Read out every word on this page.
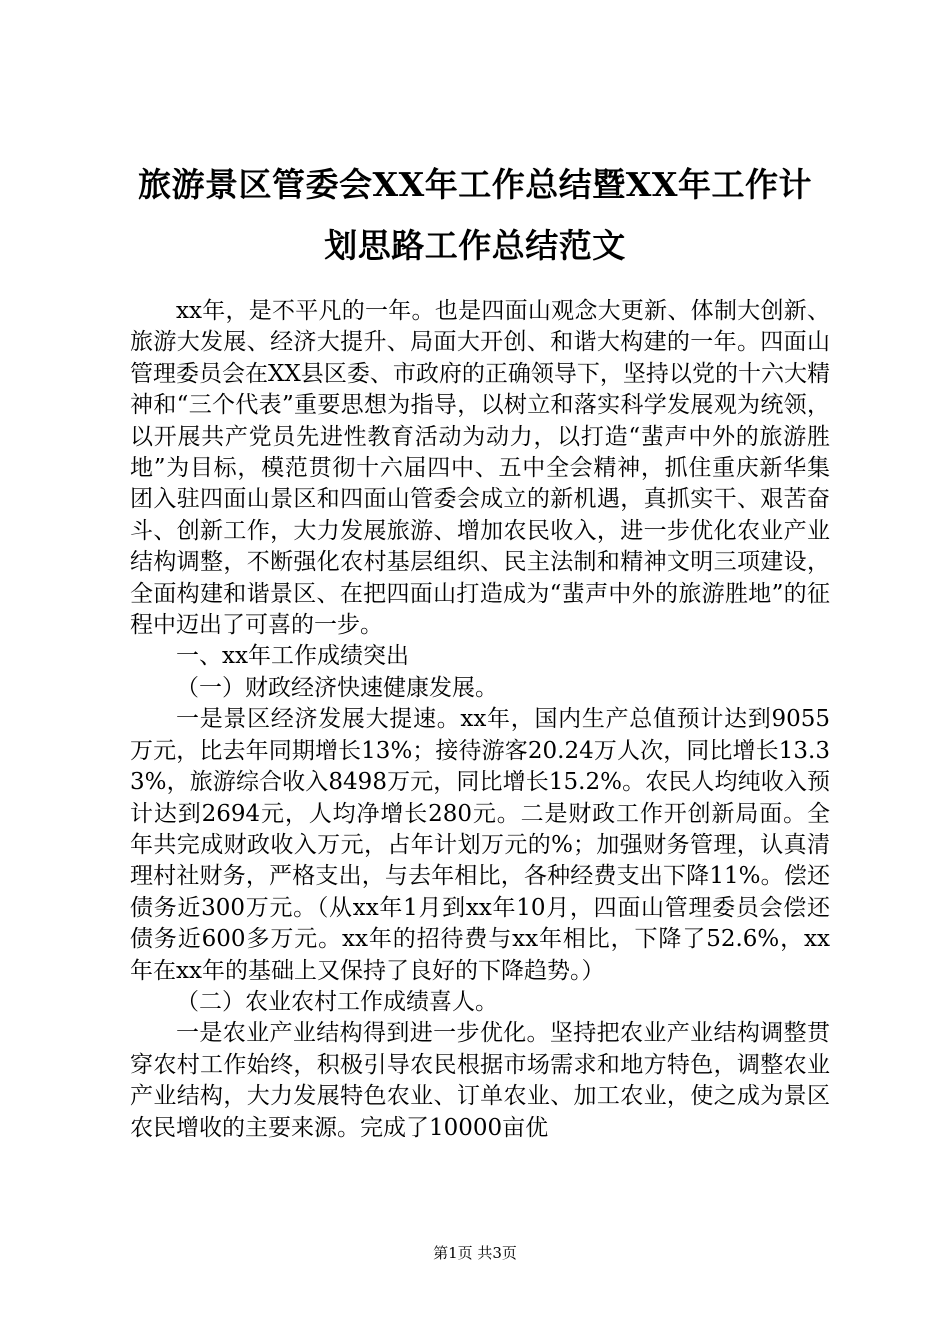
旅游景区管委会XX年工作总结暨XX年工作计
划思路工作总结范文

xx年，是不平凡的一年。也是四面山观念大更新、体制大创新、旅游大发展、经济大提升、局面大开创、和谐大构建的一年。四面山管理委员会在XX县区委、市政府的正确领导下，坚持以党的十六大精神和“三个代表”重要思想为指导，以树立和落实科学发展观为统领，以开展共产党员先进性教育活动为动力，以打造“蜚声中外的旅游胜地”为目标，模范贯彻十六届四中、五中全会精神，抓住重庆新华集团入驻四面山景区和四面山管委会成立的新机遇，真抓实干、艰苦奋斗、创新工作，大力发展旅游、增加农民收入，进一步优化农业产业结构调整，不断强化农村基层组织、民主法制和精神文明三项建设，全面构建和谐景区、在把四面山打造成为“蜚声中外的旅游胜地”的征程中迈出了可喜的一步。

一、xx年工作成绩突出

（一）财政经济快速健康发展。

一是景区经济发展大提速。xx年，国内生产总值预计达到9055万元，比去年同期增长13%；接待游客20.24万人次，同比增长13.33%，旅游综合收入8498万元，同比增长15.2%。农民人均纯收入预计达到2694元，人均净增长280元。二是财政工作开创新局面。全年共完成财政收入万元，占年计划万元的%；加强财务管理，认真清理村社财务，严格支出，与去年相比，各种经费支出下降11%。偿还债务近300万元。（从xx年1月到xx年10月，四面山管理委员会偿还债务近600多万元。xx年的招待费与xx年相比，下降了52.6%，xx年在xx年的基础上又保持了良好的下降趋势。）

（二）农业农村工作成绩喜人。

一是农业产业结构得到进一步优化。坚持把农业产业结构调整贯穿农村工作始终，积极引导农民根据市场需求和地方特色，调整农业产业结构，大力发展特色农业、订单农业、加工农业，使之成为景区农民增收的主要来源。完成了10000亩优

第1页 共3页
